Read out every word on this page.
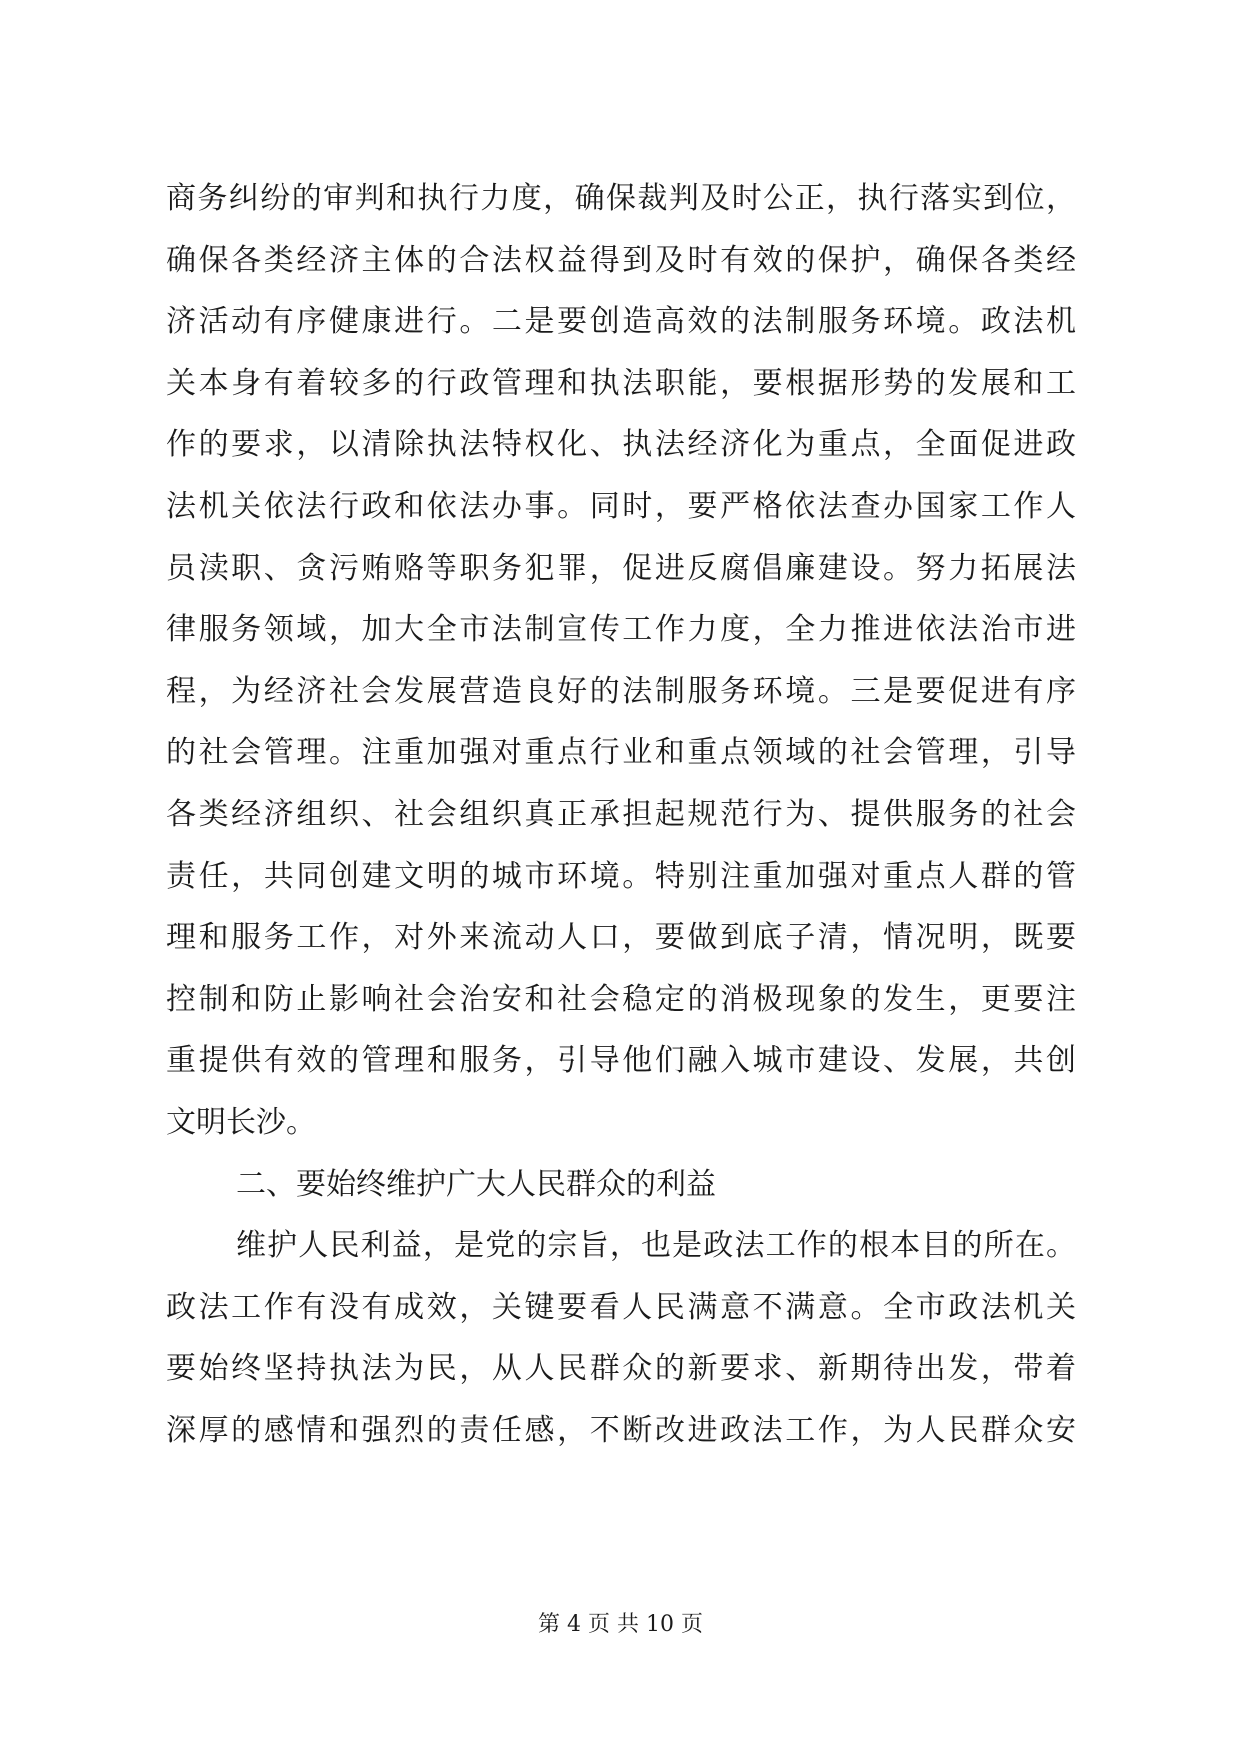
商务纠纷的审判和执行力度，确保裁判及时公正，执行落实到位，
确保各类经济主体的合法权益得到及时有效的保护，确保各类经
济活动有序健康进行。二是要创造高效的法制服务环境。政法机
关本身有着较多的行政管理和执法职能，要根据形势的发展和工
作的要求，以清除执法特权化、执法经济化为重点，全面促进政
法机关依法行政和依法办事。同时，要严格依法查办国家工作人
员渎职、贪污贿赂等职务犯罪，促进反腐倡廉建设。努力拓展法
律服务领域，加大全市法制宣传工作力度，全力推进依法治市进
程，为经济社会发展营造良好的法制服务环境。三是要促进有序
的社会管理。注重加强对重点行业和重点领域的社会管理，引导
各类经济组织、社会组织真正承担起规范行为、提供服务的社会
责任，共同创建文明的城市环境。特别注重加强对重点人群的管
理和服务工作，对外来流动人口，要做到底子清，情况明，既要
控制和防止影响社会治安和社会稳定的消极现象的发生，更要注
重提供有效的管理和服务，引导他们融入城市建设、发展，共创
文明长沙。
二、要始终维护广大人民群众的利益
维护人民利益，是党的宗旨，也是政法工作的根本目的所在。
政法工作有没有成效，关键要看人民满意不满意。全市政法机关
要始终坚持执法为民，从人民群众的新要求、新期待出发，带着
深厚的感情和强烈的责任感，不断改进政法工作，为人民群众安
第 4 页 共 10 页
